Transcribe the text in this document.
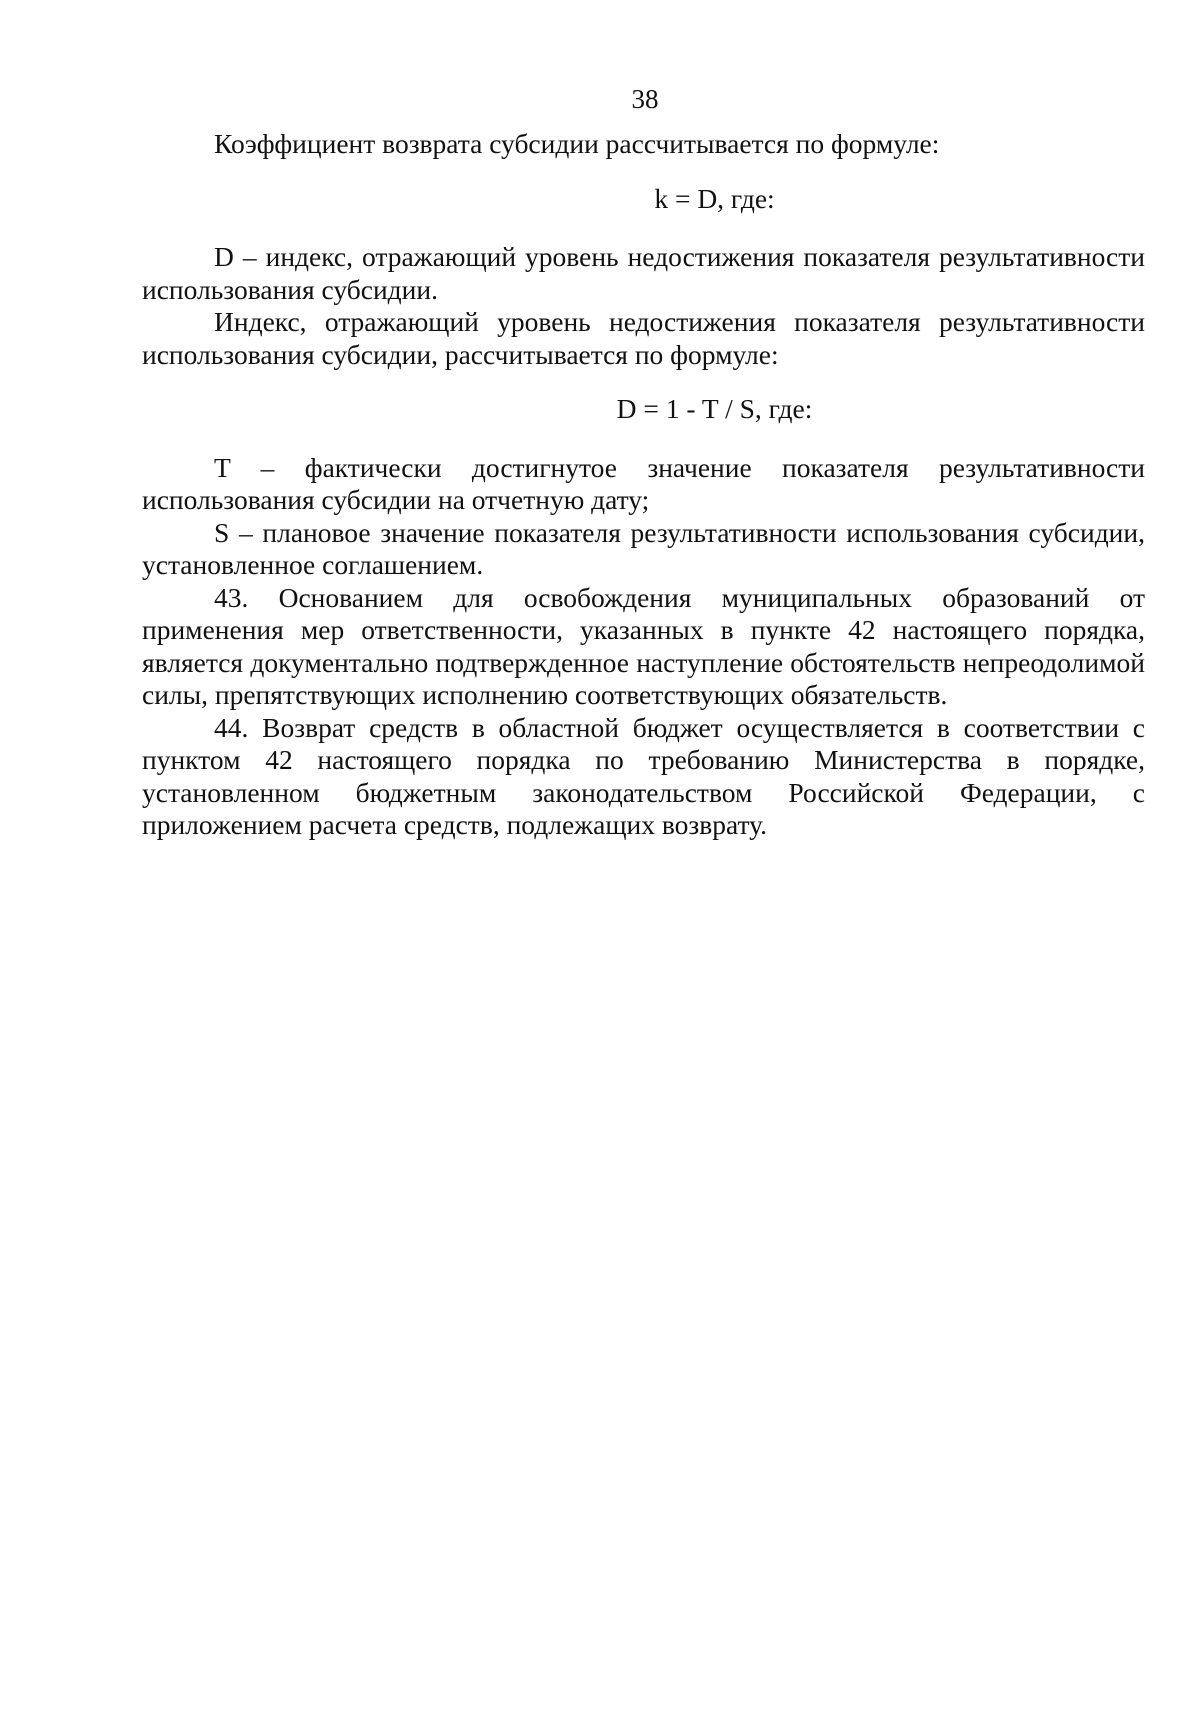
38

Коэффициент возврата субсидии рассчитывается по формуле:

k = D, где:

D – индекс, отражающий уровень недостижения показателя результативности использования субсидии.

Индекс, отражающий уровень недостижения показателя результативности использования субсидии, рассчитывается по формуле:

D = 1 - T / S, где:

T – фактически достигнутое значение показателя результативности использования субсидии на отчетную дату;

S – плановое значение показателя результативности использования субсидии, установленное соглашением.

43. Основанием для освобождения муниципальных образований от применения мер ответственности, указанных в пункте 42 настоящего порядка, является документально подтвержденное наступление обстоятельств непреодолимой силы, препятствующих исполнению соответствующих обязательств.

44. Возврат средств в областной бюджет осуществляется в соответствии с пунктом 42 настоящего порядка по требованию Министерства в порядке, установленном бюджетным законодательством Российской Федерации, с приложением расчета средств, подлежащих возврату.
